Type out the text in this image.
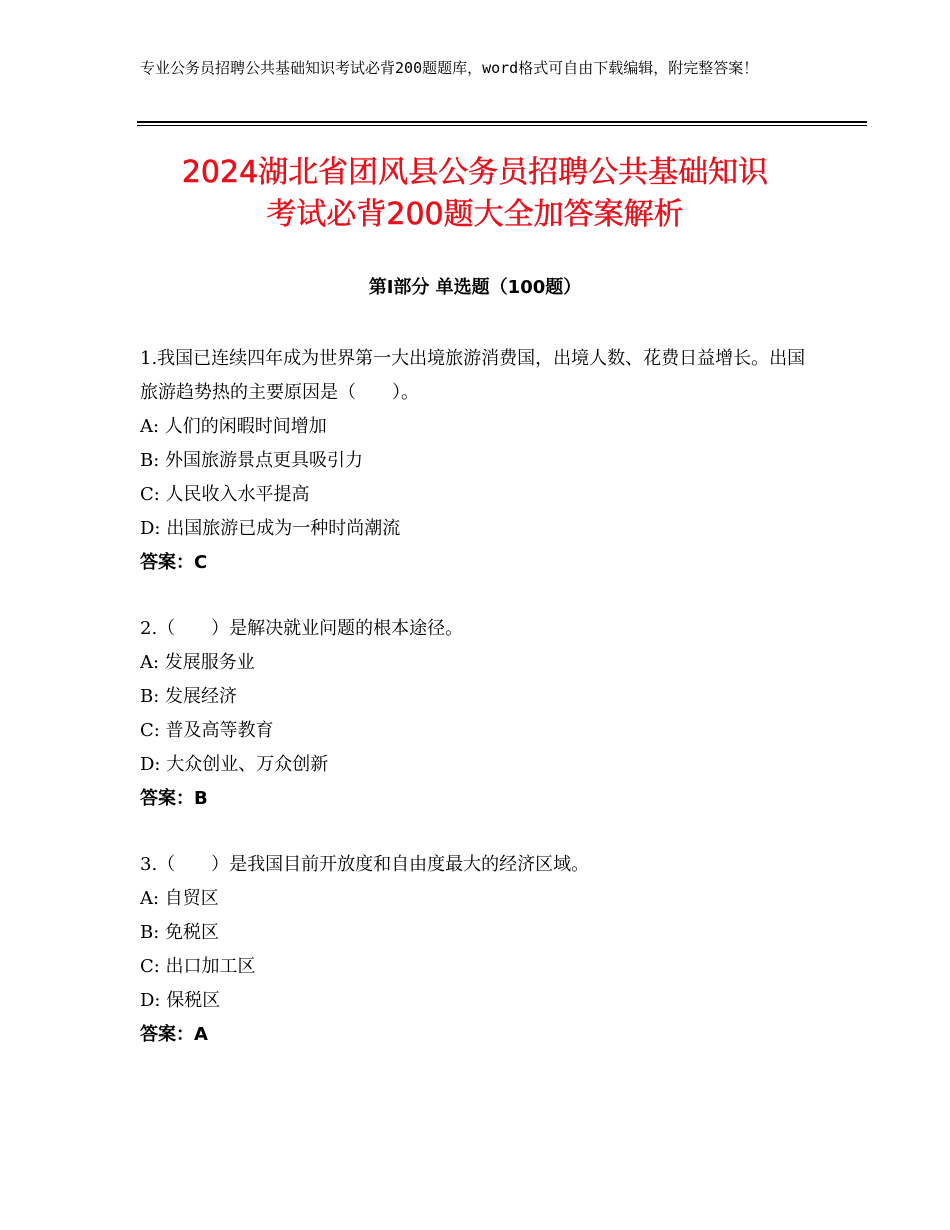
专业公务员招聘公共基础知识考试必背200题题库，word格式可自由下载编辑，附完整答案！
2024湖北省团风县公务员招聘公共基础知识
考试必背200题大全加答案解析
第Ⅰ部分 单选题（100题）

1.我国已连续四年成为世界第一大出境旅游消费国，出境人数、花费日益增长。出国旅游趋势热的主要原因是（　　）。

A: 人们的闲暇时间增加

B: 外国旅游景点更具吸引力

C: 人民收入水平提高

D: 出国旅游已成为一种时尚潮流

答案：C

2.（　　）是解决就业问题的根本途径。

A: 发展服务业

B: 发展经济

C: 普及高等教育

D: 大众创业、万众创新

答案：B

3.（　　）是我国目前开放度和自由度最大的经济区域。

A: 自贸区

B: 免税区

C: 出口加工区

D: 保税区

答案：A
